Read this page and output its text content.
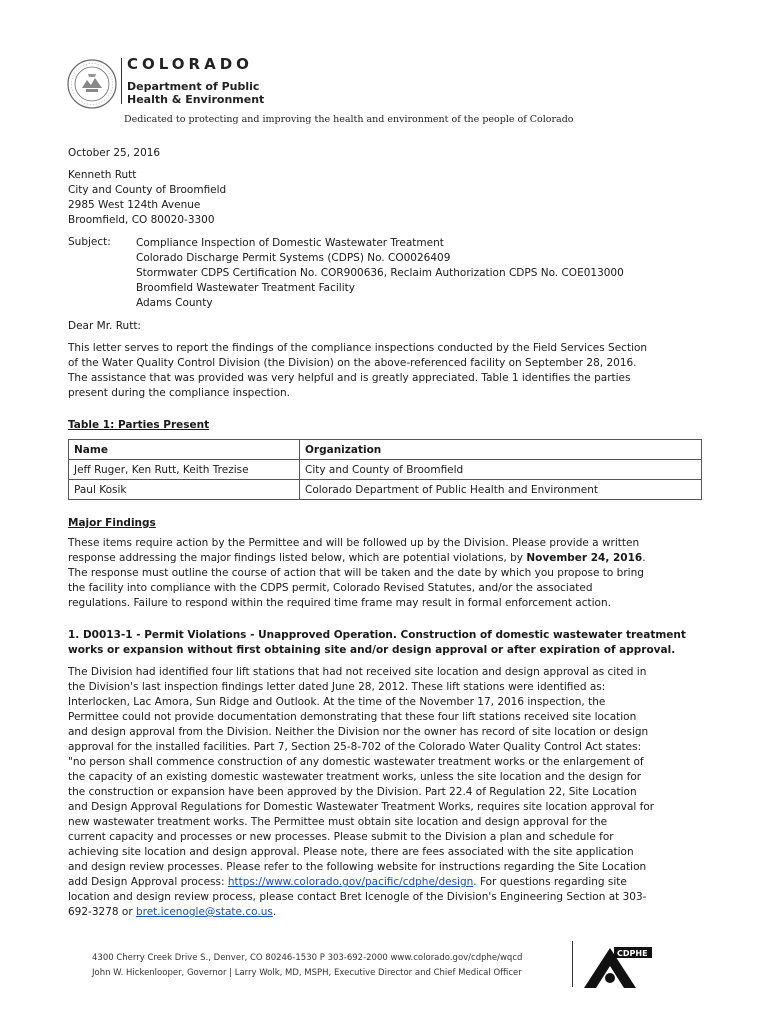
COLORADO
Department of Public
Health & Environment
Dedicated to protecting and improving the health and environment of the people of Colorado
October 25, 2016
Kenneth Rutt
City and County of Broomfield
2985 West 124th Avenue
Broomfield, CO 80020-3300
Subject: Compliance Inspection of Domestic Wastewater Treatment
Colorado Discharge Permit Systems (CDPS) No. CO0026409
Stormwater CDPS Certification No. COR900636, Reclaim Authorization CDPS No. COE013000
Broomfield Wastewater Treatment Facility
Adams County
Dear Mr. Rutt:
This letter serves to report the findings of the compliance inspections conducted by the Field Services Section
of the Water Quality Control Division (the Division) on the above-referenced facility on September 28, 2016.
The assistance that was provided was very helpful and is greatly appreciated. Table 1 identifies the parties
present during the compliance inspection.
Table 1: Parties Present
Name	Organization
Jeff Ruger, Ken Rutt, Keith Trezise	City and County of Broomfield
Paul Kosik	Colorado Department of Public Health and Environment
Major Findings
These items require action by the Permittee and will be followed up by the Division. Please provide a written
response addressing the major findings listed below, which are potential violations, by November 24, 2016.
The response must outline the course of action that will be taken and the date by which you propose to bring
the facility into compliance with the CDPS permit, Colorado Revised Statutes, and/or the associated
regulations. Failure to respond within the required time frame may result in formal enforcement action.
1. D0013-1 - Permit Violations - Unapproved Operation. Construction of domestic wastewater treatment
works or expansion without first obtaining site and/or design approval or after expiration of approval.
The Division had identified four lift stations that had not received site location and design approval as cited in
the Division's last inspection findings letter dated June 28, 2012. These lift stations were identified as:
Interlocken, Lac Amora, Sun Ridge and Outlook. At the time of the November 17, 2016 inspection, the
Permittee could not provide documentation demonstrating that these four lift stations received site location
and design approval from the Division. Neither the Division nor the owner has record of site location or design
approval for the installed facilities. Part 7, Section 25-8-702 of the Colorado Water Quality Control Act states:
"no person shall commence construction of any domestic wastewater treatment works or the enlargement of
the capacity of an existing domestic wastewater treatment works, unless the site location and the design for
the construction or expansion have been approved by the Division. Part 22.4 of Regulation 22, Site Location
and Design Approval Regulations for Domestic Wastewater Treatment Works, requires site location approval for
new wastewater treatment works. The Permittee must obtain site location and design approval for the
current capacity and processes or new processes. Please submit to the Division a plan and schedule for
achieving site location and design approval. Please note, there are fees associated with the site application
and design review processes. Please refer to the following website for instructions regarding the Site Location
add Design Approval process: https://www.colorado.gov/pacific/cdphe/design. For questions regarding site
location and design review process, please contact Bret Icenogle of the Division's Engineering Section at 303-
692-3278 or bret.icenogle@state.co.us.
4300 Cherry Creek Drive S., Denver, CO 80246-1530 P 303-692-2000 www.colorado.gov/cdphe/wqcd
John W. Hickenlooper, Governor | Larry Wolk, MD, MSPH, Executive Director and Chief Medical Officer
CDPHE
